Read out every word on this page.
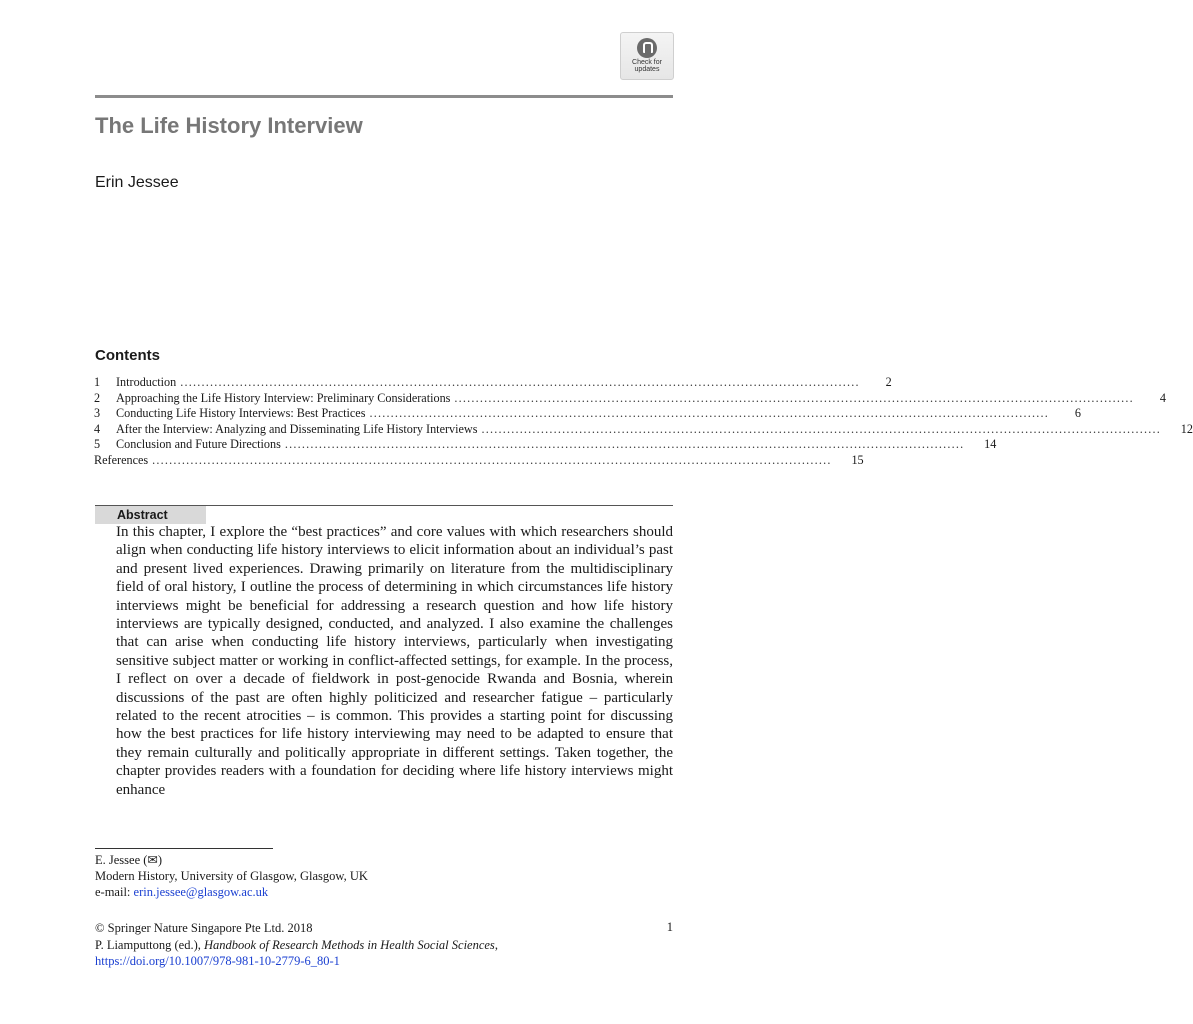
Check for
updates
The Life History Interview
Erin Jessee
Contents
1	Introduction ................................................................................................................................................................	2
2	Approaching the Life History Interview: Preliminary Considerations ................................................................................................................................................................	4
3	Conducting Life History Interviews: Best Practices ................................................................................................................................................................	6
4	After the Interview: Analyzing and Disseminating Life History Interviews ................................................................................................................................................................	12
5	Conclusion and Future Directions ................................................................................................................................................................	14
References ................................................................................................................................................................	15
Abstract

In this chapter, I explore the “best practices” and core values with which researchers should align when conducting life history interviews to elicit information about an individual’s past and present lived experiences. Drawing primarily on literature from the multidisciplinary field of oral history, I outline the process of determining in which circumstances life history interviews might be beneficial for addressing a research question and how life history interviews are typically designed, conducted, and analyzed. I also examine the challenges that can arise when conducting life history interviews, particularly when investigating sensitive subject matter or working in conflict-affected settings, for example. In the process, I reflect on over a decade of fieldwork in post-genocide Rwanda and Bosnia, wherein discussions of the past are often highly politicized and researcher fatigue – particularly related to the recent atrocities – is common. This provides a starting point for discussing how the best practices for life history interviewing may need to be adapted to ensure that they remain culturally and politically appropriate in different settings. Taken together, the chapter provides readers with a foundation for deciding where life history interviews might enhance

E. Jessee (✉)
Modern History, University of Glasgow, Glasgow, UK
e-mail: erin.jessee@glasgow.ac.uk
© Springer Nature Singapore Pte Ltd. 2018
P. Liamputtong (ed.), Handbook of Research Methods in Health Social Sciences,
https://doi.org/10.1007/978-981-10-2779-6_80-1
1
